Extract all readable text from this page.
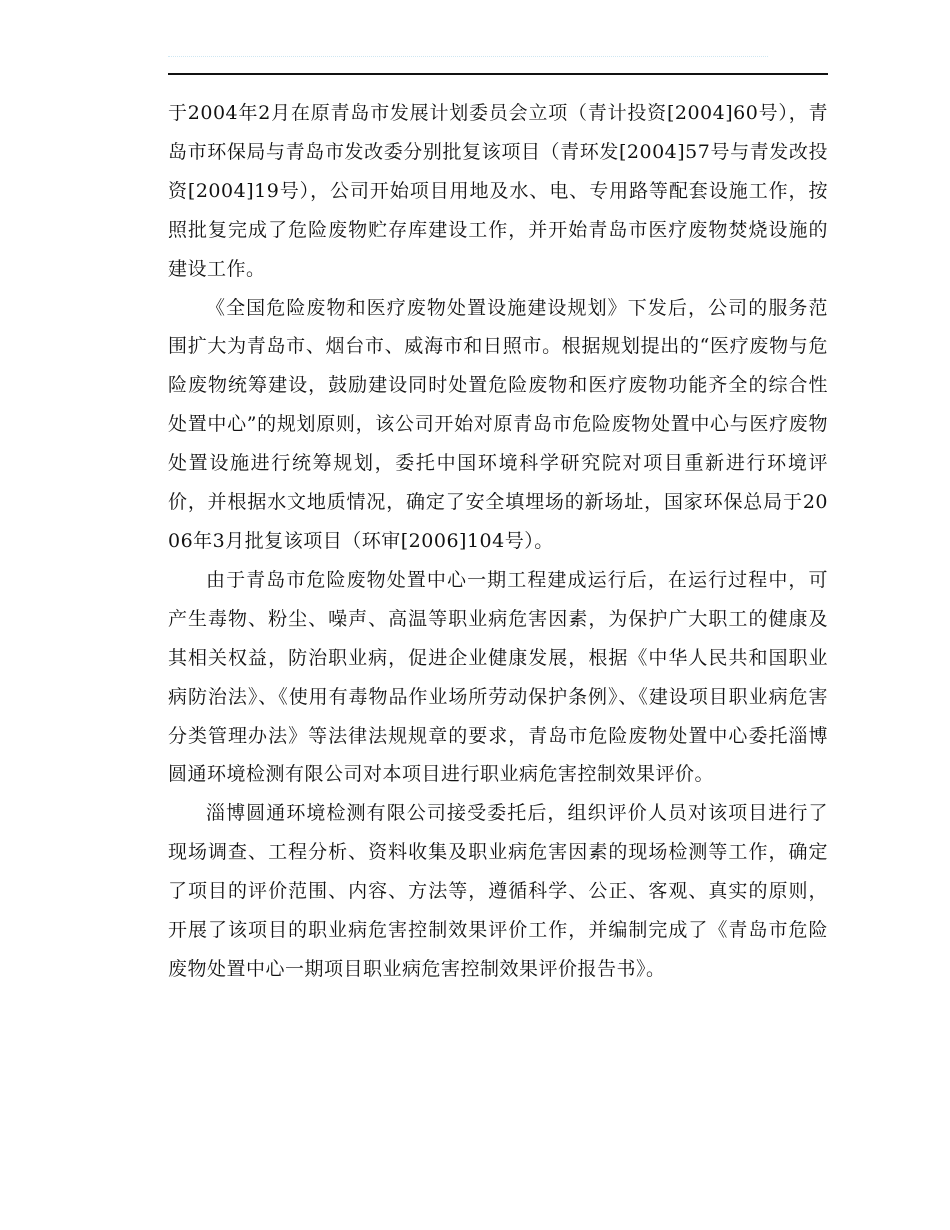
于2004年2月在原青岛市发展计划委员会立项（青计投资[2004]60号），青岛市环保局与青岛市发改委分别批复该项目（青环发[2004]57号与青发改投资[2004]19号），公司开始项目用地及水、电、专用路等配套设施工作，按照批复完成了危险废物贮存库建设工作，并开始青岛市医疗废物焚烧设施的建设工作。

《全国危险废物和医疗废物处置设施建设规划》下发后，公司的服务范围扩大为青岛市、烟台市、威海市和日照市。根据规划提出的“医疗废物与危险废物统筹建设，鼓励建设同时处置危险废物和医疗废物功能齐全的综合性处置中心”的规划原则，该公司开始对原青岛市危险废物处置中心与医疗废物处置设施进行统筹规划，委托中国环境科学研究院对项目重新进行环境评价，并根据水文地质情况，确定了安全填埋场的新场址，国家环保总局于2006年3月批复该项目（环审[2006]104号）。

由于青岛市危险废物处置中心一期工程建成运行后，在运行过程中，可产生毒物、粉尘、噪声、高温等职业病危害因素，为保护广大职工的健康及其相关权益，防治职业病，促进企业健康发展，根据《中华人民共和国职业病防治法》、《使用有毒物品作业场所劳动保护条例》、《建设项目职业病危害分类管理办法》等法律法规规章的要求，青岛市危险废物处置中心委托淄博圆通环境检测有限公司对本项目进行职业病危害控制效果评价。

淄博圆通环境检测有限公司接受委托后，组织评价人员对该项目进行了现场调查、工程分析、资料收集及职业病危害因素的现场检测等工作，确定了项目的评价范围、内容、方法等，遵循科学、公正、客观、真实的原则，开展了该项目的职业病危害控制效果评价工作，并编制完成了《青岛市危险废物处置中心一期项目职业病危害控制效果评价报告书》。
